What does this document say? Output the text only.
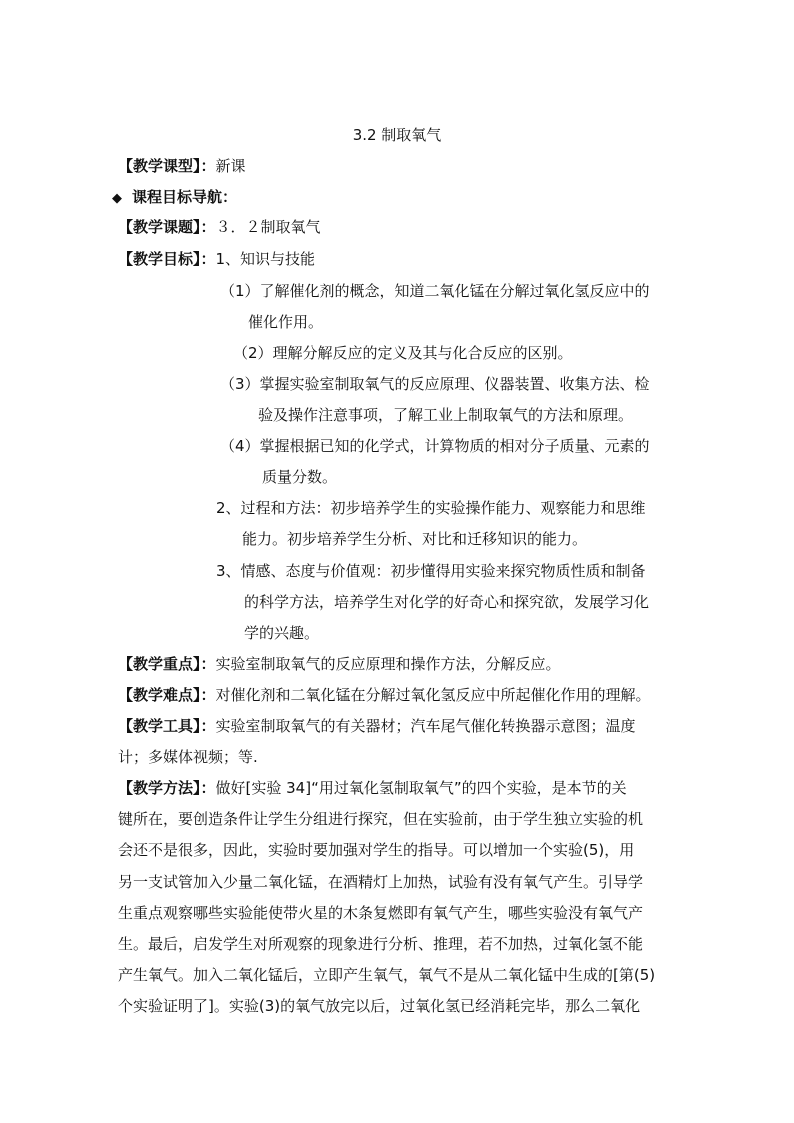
3.2 制取氧气
【教学课型】：新课
◆ 课程目标导航：
【教学课题】：３．２制取氧气
【教学目标】：1、知识与技能
（1）了解催化剂的概念，知道二氧化锰在分解过氧化氢反应中的
催化作用。
（2）理解分解反应的定义及其与化合反应的区别。
（3）掌握实验室制取氧气的反应原理、仪器装置、收集方法、检
验及操作注意事项，了解工业上制取氧气的方法和原理。
（4）掌握根据已知的化学式，计算物质的相对分子质量、元素的
质量分数。
2、过程和方法：初步培养学生的实验操作能力、观察能力和思维
能力。初步培养学生分析、对比和迁移知识的能力。
3、情感、态度与价值观：初步懂得用实验来探究物质性质和制备
的科学方法，培养学生对化学的好奇心和探究欲，发展学习化
学的兴趣。
【教学重点】：实验室制取氧气的反应原理和操作方法，分解反应。
【教学难点】：对催化剂和二氧化锰在分解过氧化氢反应中所起催化作用的理解。
【教学工具】：实验室制取氧气的有关器材；汽车尾气催化转换器示意图；温度
计；多媒体视频；等.
【教学方法】：做好[实验 34]“用过氧化氢制取氧气”的四个实验，是本节的关
键所在，要创造条件让学生分组进行探究，但在实验前，由于学生独立实验的机
会还不是很多，因此，实验时要加强对学生的指导。可以增加一个实验(5)，用
另一支试管加入少量二氧化锰，在酒精灯上加热，试验有没有氧气产生。引导学
生重点观察哪些实验能使带火星的木条复燃即有氧气产生，哪些实验没有氧气产
生。最后，启发学生对所观察的现象进行分析、推理，若不加热，过氧化氢不能
产生氧气。加入二氧化锰后，立即产生氧气，氧气不是从二氧化锰中生成的[第(5)
个实验证明了]。实验(3)的氧气放完以后，过氧化氢已经消耗完毕，那么二氧化
